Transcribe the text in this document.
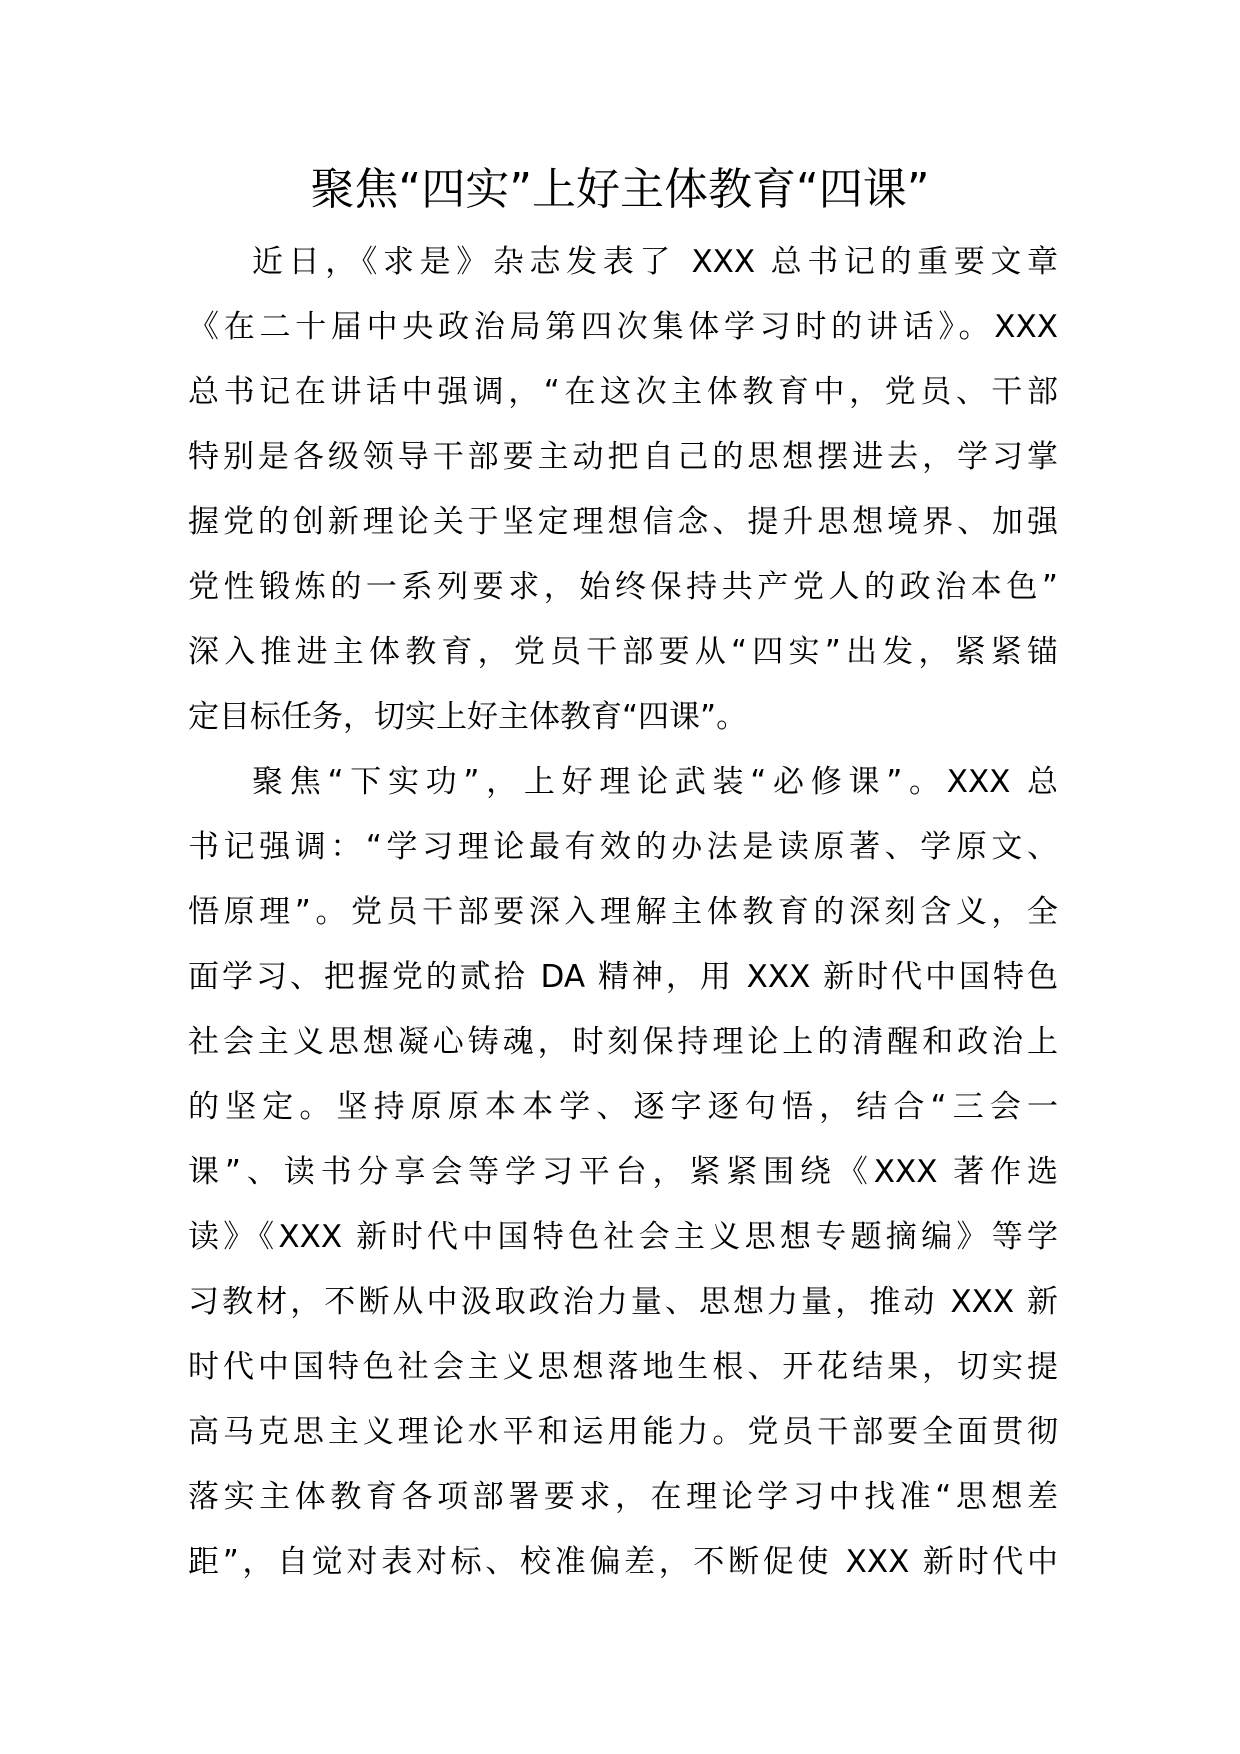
聚焦“四实”上好主体教育“四课”
近日，《求是》杂志发表了 XXX 总书记的重要文章
《在二十届中央政治局第四次集体学习时的讲话》。XXX
总书记在讲话中强调，“在这次主体教育中，党员、干部
特别是各级领导干部要主动把自己的思想摆进去，学习掌
握党的创新理论关于坚定理想信念、提升思想境界、加强
党性锻炼的一系列要求，始终保持共产党人的政治本色”
深入推进主体教育，党员干部要从“四实”出发，紧紧锚
定目标任务，切实上好主体教育“四课”。
聚焦“下实功”，上好理论武装“必修课”。XXX 总
书记强调：“学习理论最有效的办法是读原著、学原文、
悟原理”。党员干部要深入理解主体教育的深刻含义，全
面学习、把握党的贰拾 DA 精神，用 XXX 新时代中国特色
社会主义思想凝心铸魂，时刻保持理论上的清醒和政治上
的坚定。坚持原原本本学、逐字逐句悟，结合“三会一
课”、读书分享会等学习平台，紧紧围绕《XXX 著作选
读》《XXX 新时代中国特色社会主义思想专题摘编》等学
习教材，不断从中汲取政治力量、思想力量，推动 XXX 新
时代中国特色社会主义思想落地生根、开花结果，切实提
高马克思主义理论水平和运用能力。党员干部要全面贯彻
落实主体教育各项部署要求，在理论学习中找准“思想差
距”，自觉对表对标、校准偏差，不断促使 XXX 新时代中
